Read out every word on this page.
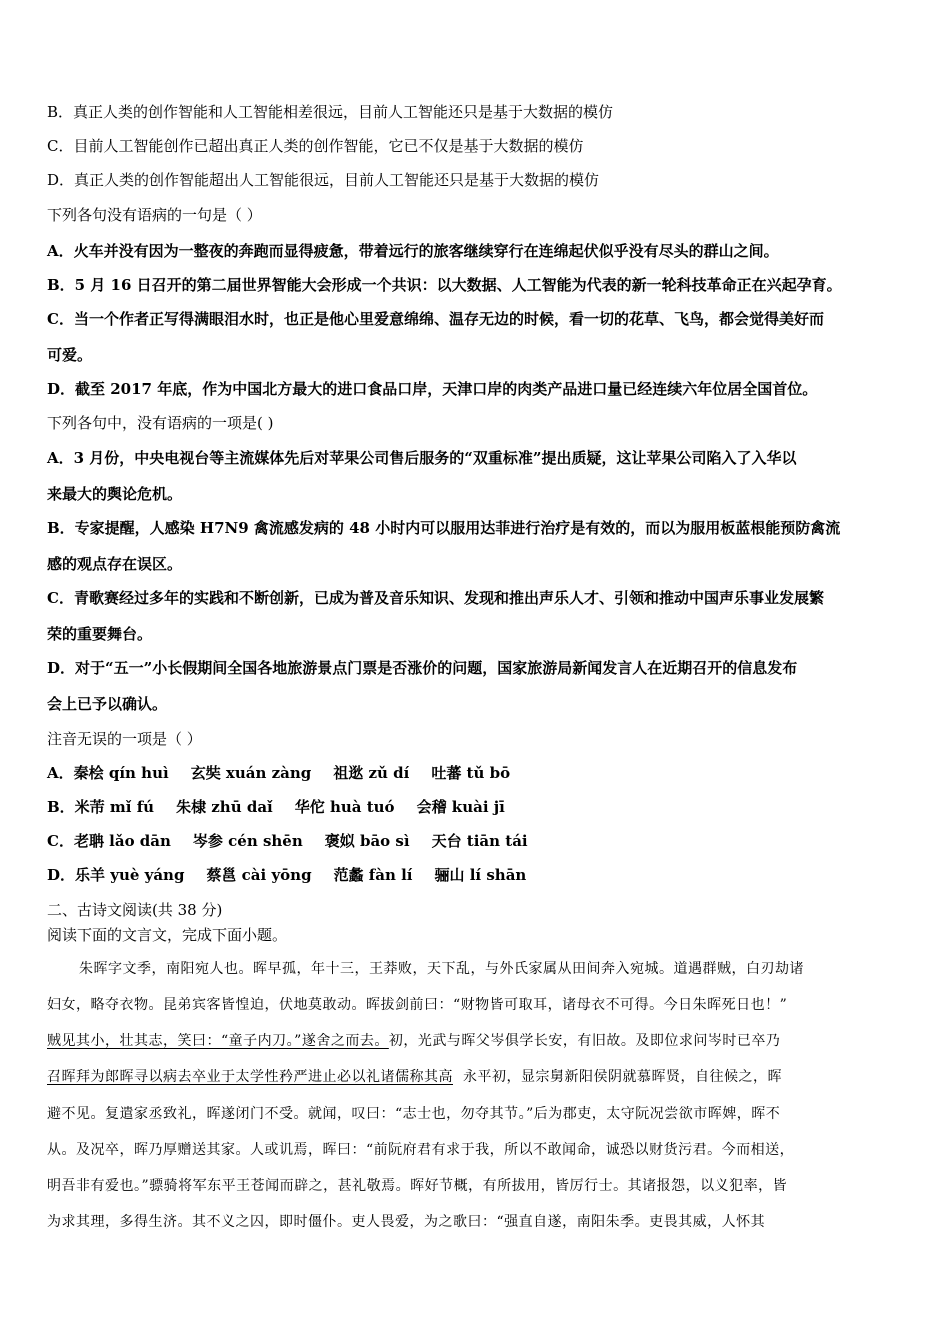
B．真正人类的创作智能和人工智能相差很远，目前人工智能还只是基于大数据的模仿
C．目前人工智能创作已超出真正人类的创作智能，它已不仅是基于大数据的模仿
D．真正人类的创作智能超出人工智能很远，目前人工智能还只是基于大数据的模仿
下列各句没有语病的一句是（ ）
A．火车并没有因为一整夜的奔跑而显得疲惫，带着远行的旅客继续穿行在连绵起伏似乎没有尽头的群山之间。
B．5 月 16 日召开的第二届世界智能大会形成一个共识：以大数据、人工智能为代表的新一轮科技革命正在兴起孕育。
C．当一个作者正写得满眼泪水时，也正是他心里爱意绵绵、温存无边的时候，看一切的花草、飞鸟，都会觉得美好而
可爱。
D．截至 2017 年底，作为中国北方最大的进口食品口岸，天津口岸的肉类产品进口量已经连续六年位居全国首位。
下列各句中，没有语病的一项是( )
A．3 月份，中央电视台等主流媒体先后对苹果公司售后服务的“双重标准”提出质疑，这让苹果公司陷入了入华以
来最大的舆论危机。
B．专家提醒，人感染 H7N9 禽流感发病的 48 小时内可以服用达菲进行治疗是有效的，而以为服用板蓝根能预防禽流
感的观点存在误区。
C．青歌赛经过多年的实践和不断创新，已成为普及音乐知识、发现和推出声乐人才、引领和推动中国声乐事业发展繁
荣的重要舞台。
D．对于“五一”小长假期间全国各地旅游景点门票是否涨价的问题，国家旅游局新闻发言人在近期召开的信息发布
会上已予以确认。
注音无误的一项是（ ）
A．秦桧 qín huì 玄奘 xuán zàng 祖逖 zǔ dí 吐蕃 tǔ bō
B．米芾 mǐ fú 朱棣 zhū daǐ 华佗 huà tuó 会稽 kuài jī
C．老聃 lǎo dān 岑参 cén shēn 褒姒 bāo sì 天台 tiān tái
D．乐羊 yuè yáng 蔡邕 cài yōng 范蠡 fàn lí 骊山 lí shān
二、古诗文阅读(共 38 分)
阅读下面的文言文，完成下面小题。
朱晖字文季，南阳宛人也。晖早孤，年十三，王莽败，天下乱，与外氏家属从田间奔入宛城。道遇群贼，白刃劫诸
妇女，略夺衣物。昆弟宾客皆惶迫，伏地莫敢动。晖拔剑前曰：“财物皆可取耳，诸母衣不可得。今日朱晖死日也！”
贼见其小，壮其志，笑曰：“童子内刀。”遂舍之而去。初，光武与晖父岑俱学长安，有旧故。及即位求问岑时已卒乃
召晖拜为郎晖寻以病去卒业于太学性矜严进止必以礼诸儒称其高 永平初，显宗舅新阳侯阴就慕晖贤，自往候之，晖
避不见。复遣家丞致礼，晖遂闭门不受。就闻，叹曰：“志士也，勿夺其节。”后为郡吏，太守阮况尝欲市晖婢，晖不
从。及况卒，晖乃厚赠送其家。人或讥焉，晖曰：“前阮府君有求于我，所以不敢闻命，诚恐以财货污君。今而相送，
明吾非有爱也。”骠骑将军东平王苍闻而辟之，甚礼敬焉。晖好节概，有所拔用，皆厉行士。其诸报怨，以义犯率，皆
为求其理，多得生济。其不义之囚，即时僵仆。吏人畏爱，为之歌曰：“强直自遂，南阳朱季。吏畏其威，人怀其
